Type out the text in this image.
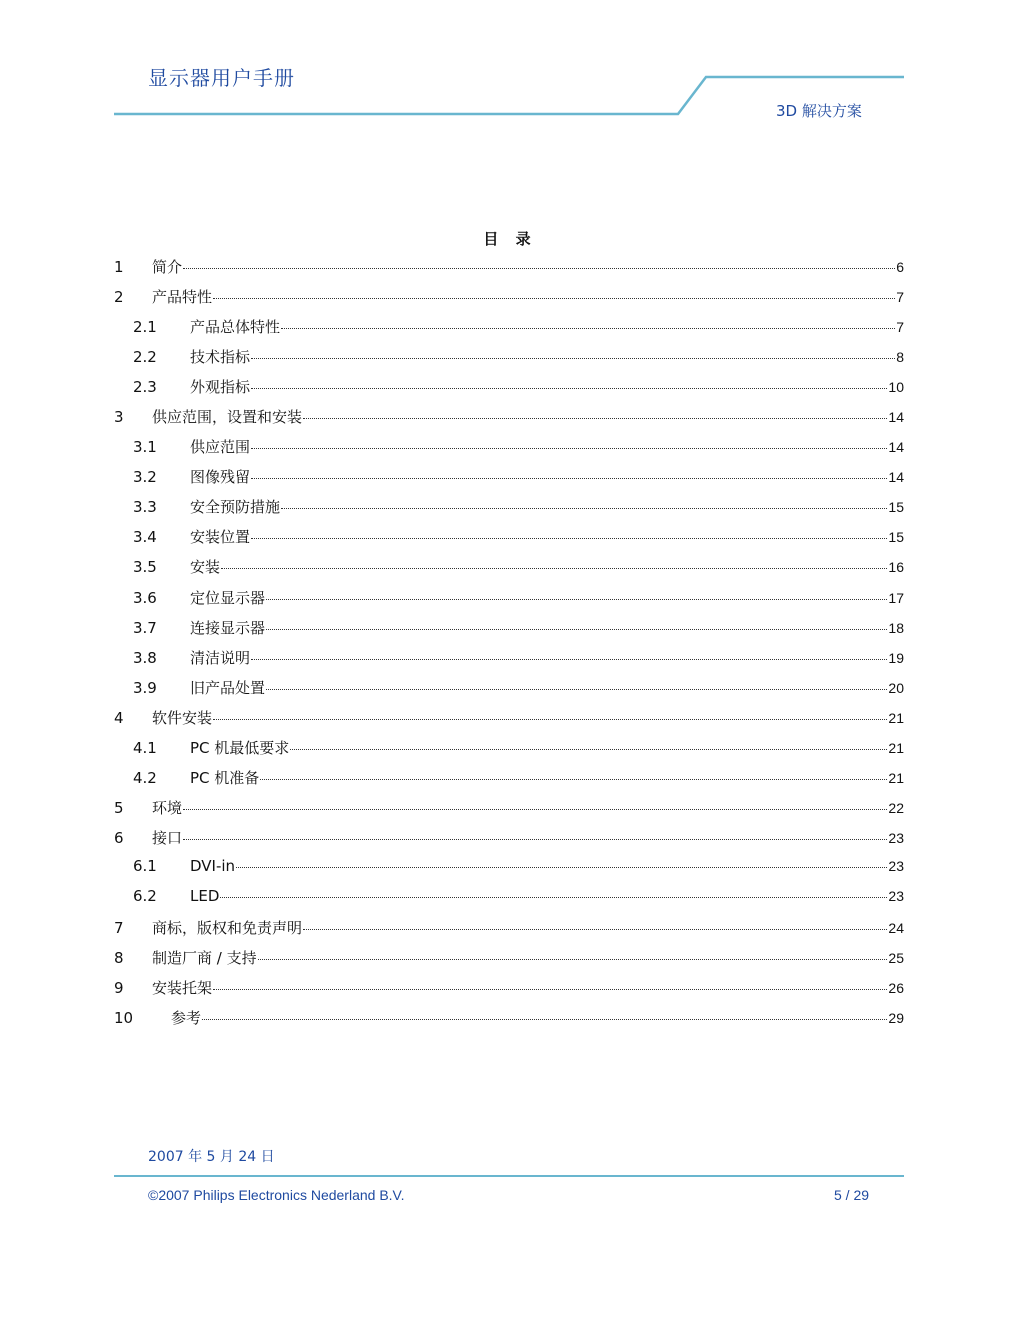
显示器用户手册
3D 解决方案
目 录
1	简介	6
2	产品特性	7
2.1	产品总体特性	7
2.2	技术指标	8
2.3	外观指标	10
3	供应范围，设置和安装	14
3.1	供应范围	14
3.2	图像残留	14
3.3	安全预防措施	15
3.4	安装位置	15
3.5	安装	16
3.6	定位显示器	17
3.7	连接显示器	18
3.8	清洁说明	19
3.9	旧产品处置	20
4	软件安装	21
4.1	PC 机最低要求	21
4.2	PC 机准备	21
5	环境	22
6	接口	23
6.1	DVI-in	23
6.2	LED	23
7	商标，版权和免责声明	24
8	制造厂商 / 支持	25
9	安装托架	26
10	参考	29
2007 年 5 月 24 日
©2007 Philips Electronics Nederland B.V.	5 / 29
